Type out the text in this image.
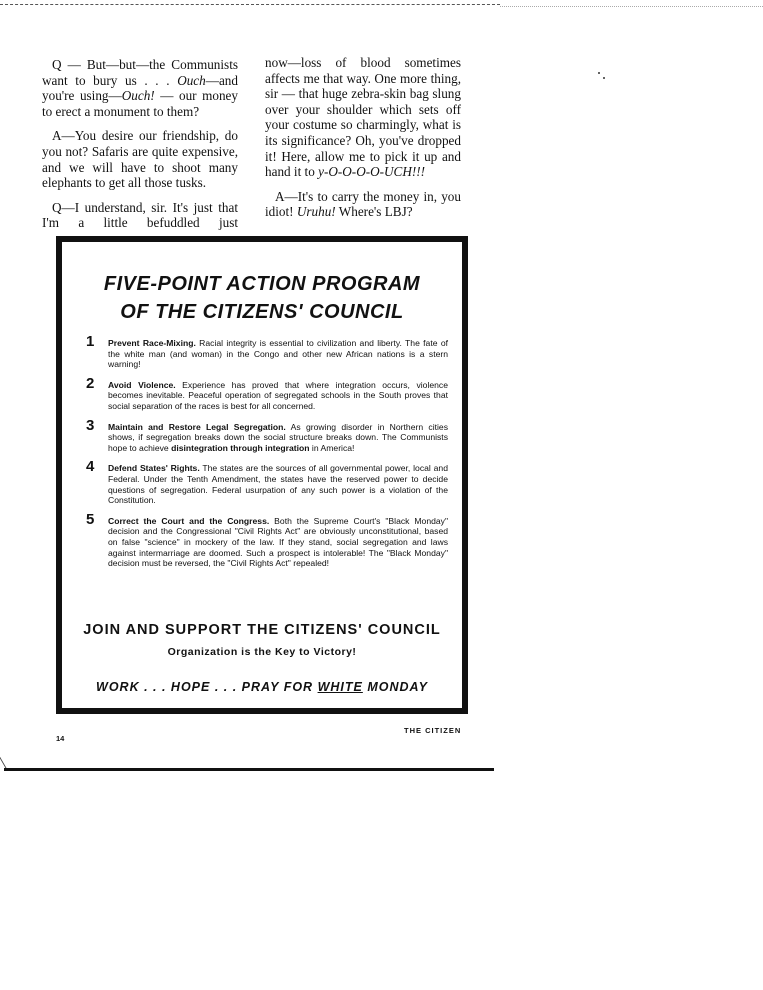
Q — But—but—the Communists want to bury us . . . Ouch—and you're using—Ouch! — our money to erect a monument to them?

A—You desire our friendship, do you not? Safaris are quite expensive, and we will have to shoot many elephants to get all those tusks.

Q—I understand, sir. It's just that I'm a little befuddled just

now—loss of blood sometimes affects me that way. One more thing, sir — that huge zebra-skin bag slung over your shoulder which sets off your costume so charmingly, what is its significance? Oh, you've dropped it! Here, allow me to pick it up and hand it to y-O-O-O-O-UCH!!!

A—It's to carry the money in, you idiot! Uruhu! Where's LBJ?

FIVE-POINT ACTION PROGRAM
OF THE CITIZENS' COUNCIL
1 Prevent Race-Mixing. Racial integrity is essential to civilization and liberty. The fate of the white man (and woman) in the Congo and other new African nations is a stern warning!
2 Avoid Violence. Experience has proved that where integration occurs, violence becomes inevitable. Peaceful operation of segregated schools in the South proves that social separation of the races is best for all concerned.
3 Maintain and Restore Legal Segregation. As growing disorder in Northern cities shows, if segregation breaks down the social structure breaks down. The Communists hope to achieve disintegration through integration in America!
4 Defend States' Rights. The states are the sources of all governmental power, local and Federal. Under the Tenth Amendment, the states have the reserved power to decide questions of segregation. Federal usurpation of any such power is a violation of the Constitution.
5 Correct the Court and the Congress. Both the Supreme Court's "Black Monday" decision and the Congressional "Civil Rights Act" are obviously unconstitutional, based on false "science" in mockery of the law. If they stand, social segregation and laws against intermarriage are doomed. Such a prospect is intolerable! The "Black Monday" decision must be reversed, the "Civil Rights Act" repealed!
JOIN AND SUPPORT THE CITIZENS' COUNCIL
Organization is the Key to Victory!
WORK . . . HOPE . . . PRAY FOR WHITE MONDAY
THE CITIZEN
14
